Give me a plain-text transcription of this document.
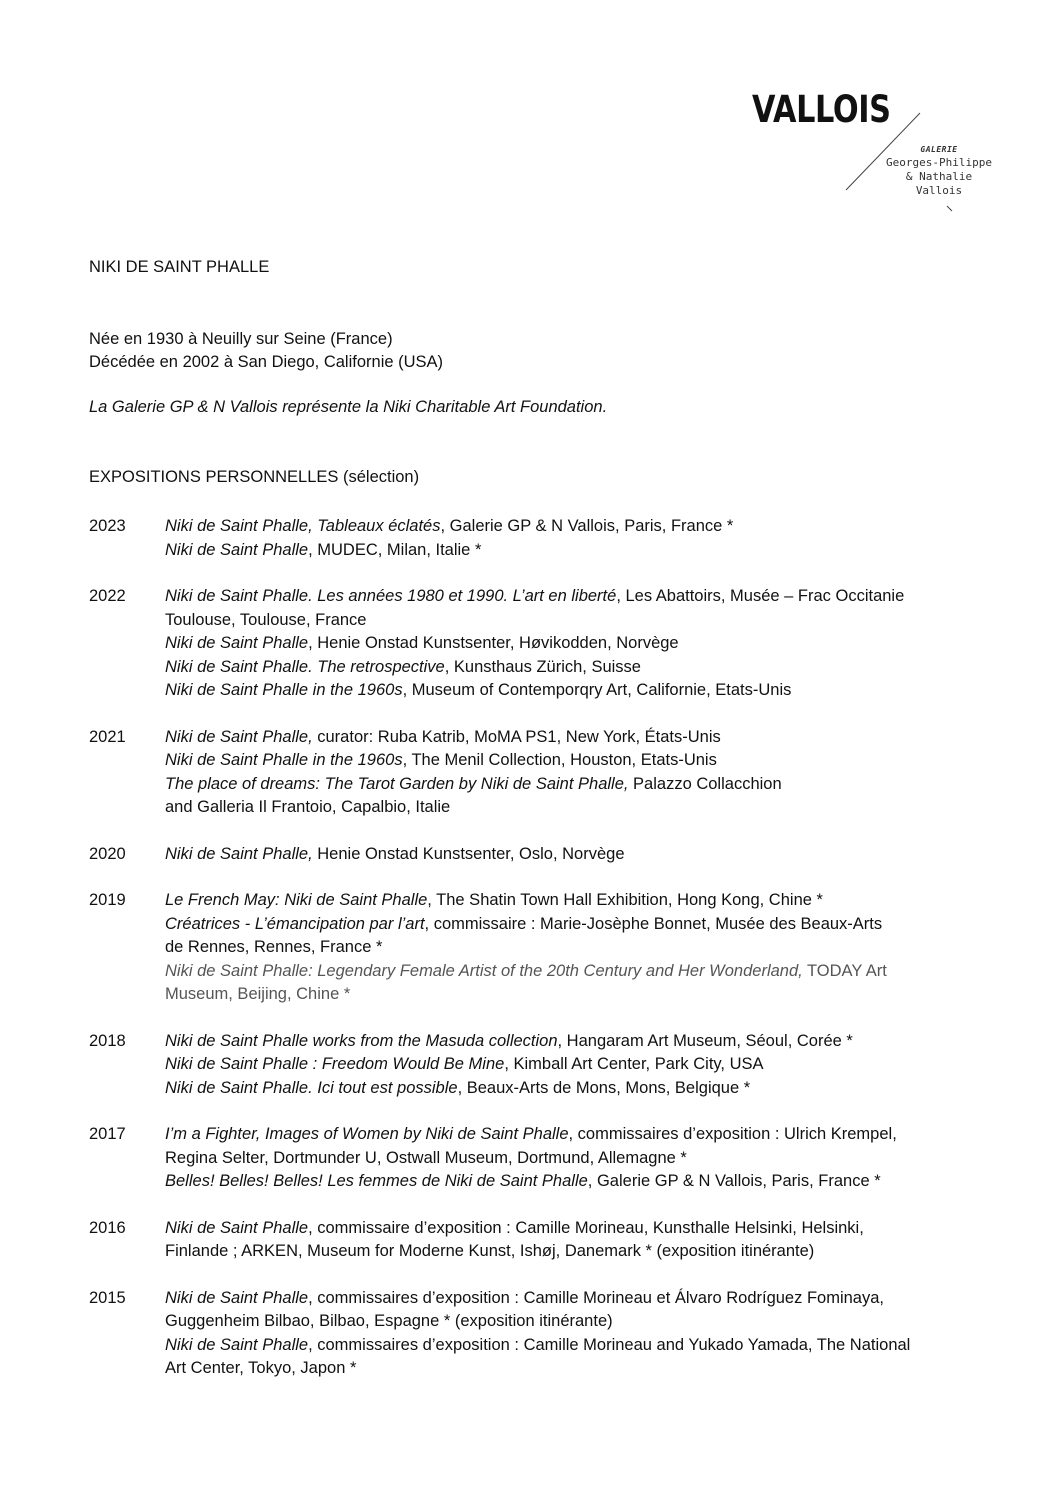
VALLOIS
GALERIE
Georges-Philippe
& Nathalie
Vallois
NIKI DE SAINT PHALLE
Née en 1930 à Neuilly sur Seine (France)
Décédée en 2002 à San Diego, Californie (USA)
La Galerie GP & N Vallois représente la Niki Charitable Art Foundation.
EXPOSITIONS PERSONNELLES (sélection)
2023	Niki de Saint Phalle, Tableaux éclatés, Galerie GP & N Vallois, Paris, France *
Niki de Saint Phalle, MUDEC, Milan, Italie *
2022	Niki de Saint Phalle. Les années 1980 et 1990. L’art en liberté, Les Abattoirs, Musée – Frac Occitanie
Toulouse, Toulouse, France
Niki de Saint Phalle, Henie Onstad Kunstsenter, Høvikodden, Norvège
Niki de Saint Phalle. The retrospective, Kunsthaus Zürich, Suisse
Niki de Saint Phalle in the 1960s, Museum of Contemporqry Art, Californie, Etats-Unis
2021	Niki de Saint Phalle, curator: Ruba Katrib, MoMA PS1, New York, États-Unis
Niki de Saint Phalle in the 1960s, The Menil Collection, Houston, Etats-Unis
The place of dreams: The Tarot Garden by Niki de Saint Phalle, Palazzo Collacchion
and Galleria Il Frantoio, Capalbio, Italie
2020	Niki de Saint Phalle, Henie Onstad Kunstsenter, Oslo, Norvège
2019	Le French May: Niki de Saint Phalle, The Shatin Town Hall Exhibition, Hong Kong, Chine *
Créatrices - L’émancipation par l’art, commissaire : Marie-Josèphe Bonnet, Musée des Beaux-Arts
de Rennes, Rennes, France *
Niki de Saint Phalle: Legendary Female Artist of the 20th Century and Her Wonderland, TODAY Art
Museum, Beijing, Chine *
2018	Niki de Saint Phalle works from the Masuda collection, Hangaram Art Museum, Séoul, Corée *
Niki de Saint Phalle : Freedom Would Be Mine, Kimball Art Center, Park City, USA
Niki de Saint Phalle. Ici tout est possible, Beaux-Arts de Mons, Mons, Belgique *
2017	I’m a Fighter, Images of Women by Niki de Saint Phalle, commissaires d’exposition : Ulrich Krempel,
Regina Selter, Dortmunder U, Ostwall Museum, Dortmund, Allemagne *
Belles! Belles! Belles! Les femmes de Niki de Saint Phalle, Galerie GP & N Vallois, Paris, France *
2016	Niki de Saint Phalle, commissaire d’exposition : Camille Morineau, Kunsthalle Helsinki, Helsinki,
Finlande ; ARKEN, Museum for Moderne Kunst, Ishøj, Danemark * (exposition itinérante)
2015	Niki de Saint Phalle, commissaires d’exposition : Camille Morineau et Álvaro Rodríguez Fominaya,
Guggenheim Bilbao, Bilbao, Espagne * (exposition itinérante)
Niki de Saint Phalle, commissaires d’exposition : Camille Morineau and Yukado Yamada, The National
Art Center, Tokyo, Japon *
